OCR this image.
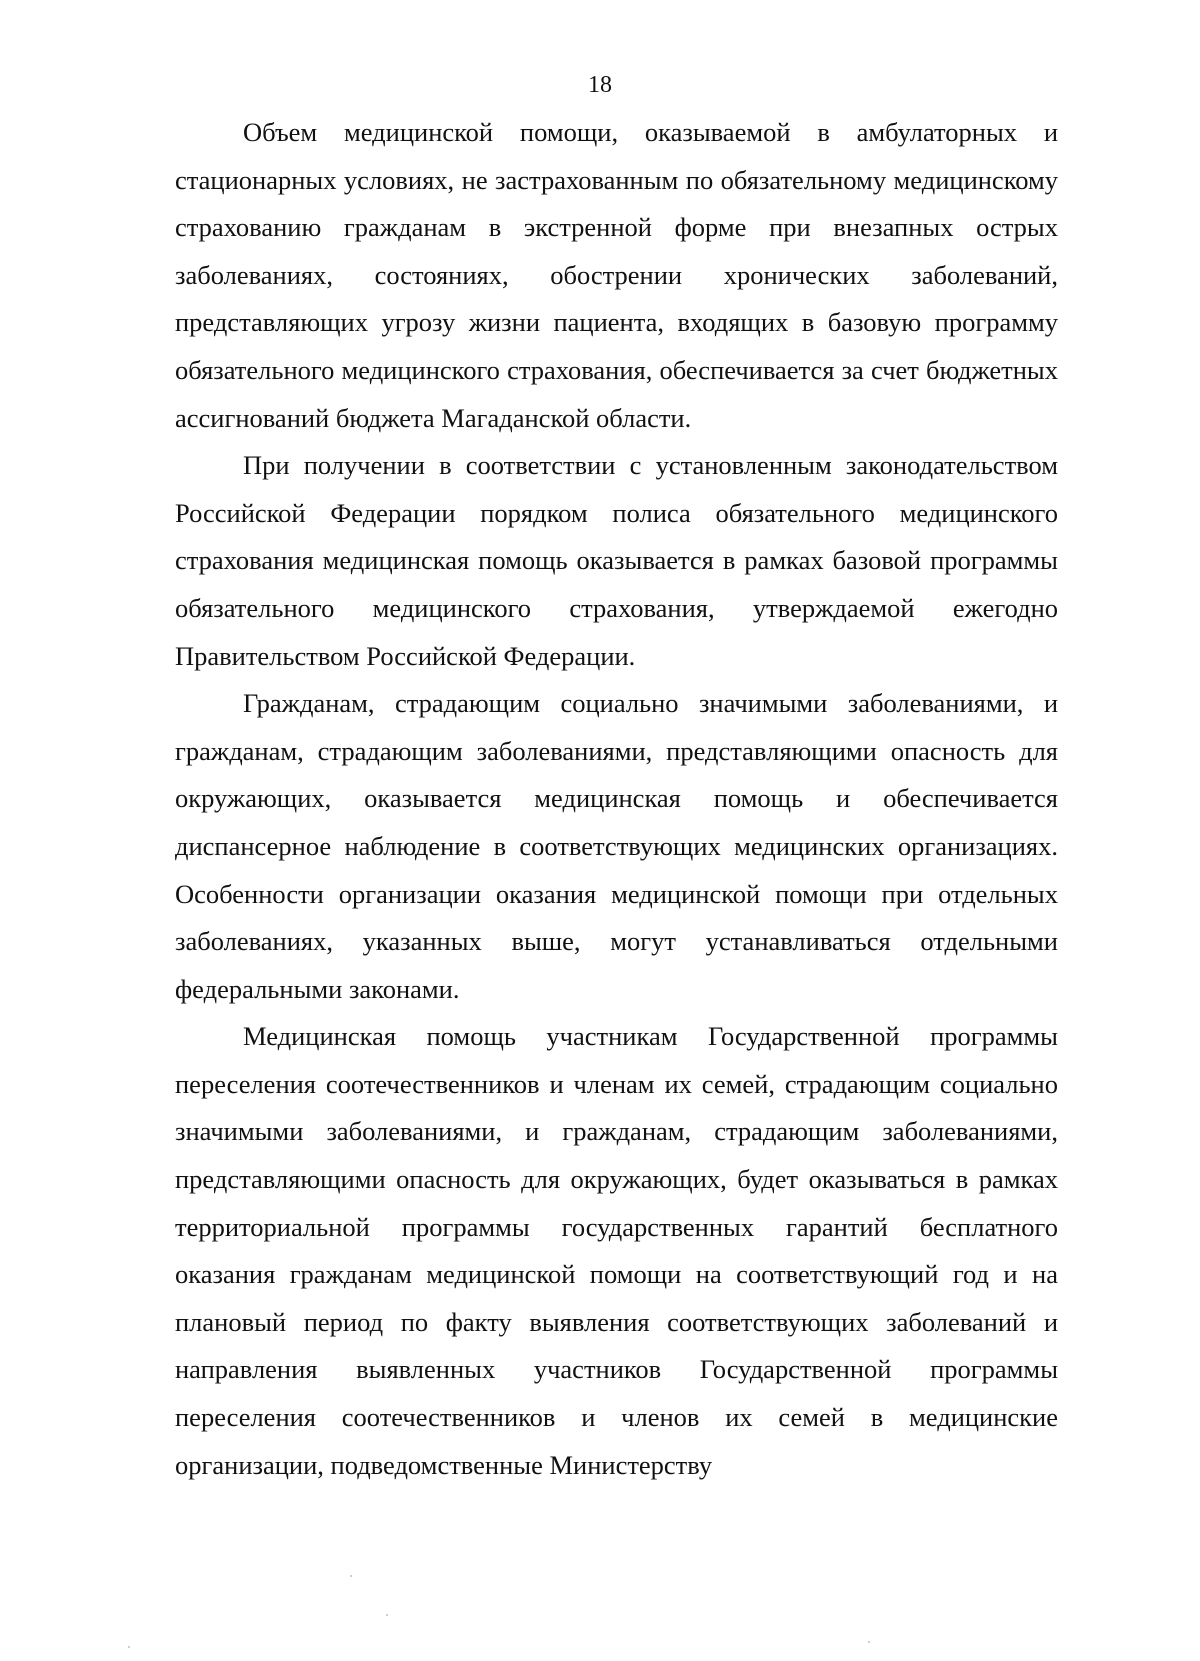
18

Объем медицинской помощи, оказываемой в амбулаторных и стационарных условиях, не застрахованным по обязательному медицинскому страхованию гражданам в экстренной форме при внезапных острых заболеваниях, состояниях, обострении хронических заболеваний, представляющих угрозу жизни пациента, входящих в базовую программу обязательного медицинского страхования, обеспечивается за счет бюджетных ассигнований бюджета Магаданской области.

При получении в соответствии с установленным законодательством Российской Федерации порядком полиса обязательного медицинского страхования медицинская помощь оказывается в рамках базовой программы обязательного медицинского страхования, утверждаемой ежегодно Правительством Российской Федерации.

Гражданам, страдающим социально значимыми заболеваниями, и гражданам, страдающим заболеваниями, представляющими опасность для окружающих, оказывается медицинская помощь и обеспечивается диспансерное наблюдение в соответствующих медицинских организациях. Особенности организации оказания медицинской помощи при отдельных заболеваниях, указанных выше, могут устанавливаться отдельными федеральными законами.

Медицинская помощь участникам Государственной программы переселения соотечественников и членам их семей, страдающим социально значимыми заболеваниями, и гражданам, страдающим заболеваниями, представляющими опасность для окружающих, будет оказываться в рамках территориальной программы государственных гарантий бесплатного оказания гражданам медицинской помощи на соответствующий год и на плановый период по факту выявления соответствующих заболеваний и направления выявленных участников Государственной программы переселения соотечественников и членов их семей в медицинские организации, подведомственные Министерству
